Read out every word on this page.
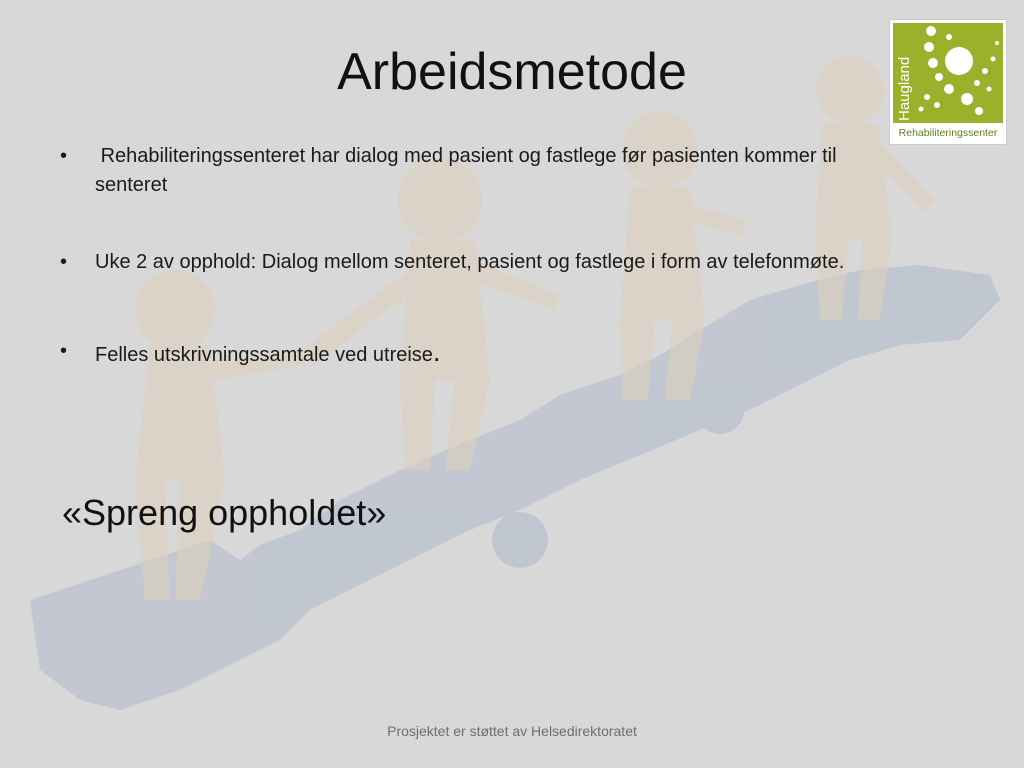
Arbeidsmetode
• Rehabiliteringssenteret har dialog med pasient og fastlege før pasienten kommer til senteret
• Uke 2 av opphold: Dialog mellom senteret, pasient og fastlege i form av telefonmøte.
• Felles utskrivningssamtale ved utreise.
«Spreng oppholdet»
Prosjektet er støttet av Helsedirektoratet
Haugland
Rehabiliteringssenter
